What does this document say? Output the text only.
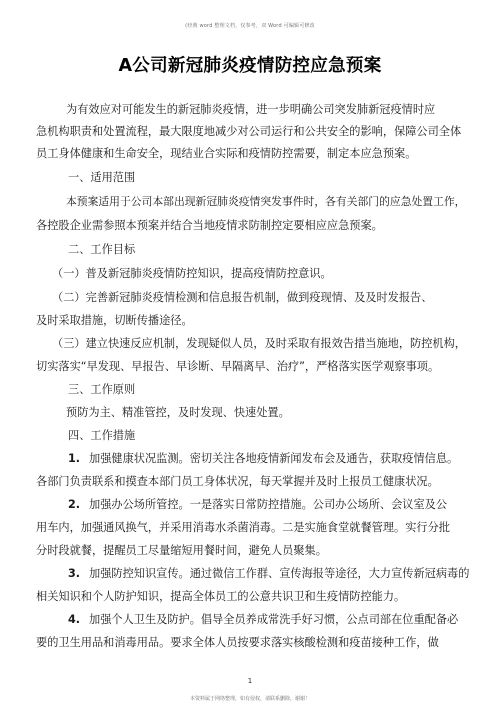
(经典 word 整理文档，仅参考，双 Word 可编辑可修改
A公司新冠肺炎疫情防控应急预案
为有效应对可能发生的新冠肺炎疫情，进一步明确公司突发肺新冠疫情时应
急机构职责和处置流程，最大限度地减少对公司运行和公共安全的影响，保障公司全体
员工身体健康和生命安全，现结业合实际和疫情防控需要，制定本应急预案。
一、适用范围
本预案适用于公司本部出现新冠肺炎疫情突发事件时，各有关部门的应急处置工作，
各控股企业需参照本预案并结合当地疫情求防制控定要相应应急预案。
二、工作目标
（一）普及新冠肺炎疫情防控知识，提高疫情防控意识。
（二）完善新冠肺炎疫情检测和信息报告机制，做到疫现情、及及时发报告、
及时采取措施，切断传播途径。
（三）建立快速反应机制，发现疑似人员，及时采取有报效告措当施地，防控机构，
切实落实“早发现、早报告、早诊断、早隔离早、治疗”，严格落实医学观察事项。
三、工作原则
预防为主、精准管控，及时发现、快速处置。
四、工作措施
1. 加强健康状况监测。密切关注各地疫情新闻发布会及通告，获取疫情信息。
各部门负责联系和摸查本部门员工身体状况，每天掌握并及时上报员工健康状况。
2. 加强办公场所管控。一是落实日常防控措施。公司办公场所、会议室及公
用车内，加强通风换气，并采用消毒水杀菌消毒。二是实施食堂就餐管理。实行分批
分时段就餐，提醒员工尽量缩短用餐时间，避免人员聚集。
3. 加强防控知识宣传。通过微信工作群、宣传海报等途径，大力宣传新冠病毒的
相关知识和个人防护知识，提高全体员工的公意共识卫和生疫情防控能力。
4. 加强个人卫生及防护。倡导全员养成常洗手好习惯，公点司部在位重配备必
要的卫生用品和消毒用品。要求全体人员按要求落实核酸检测和疫苗接种工作，做
1
本资料属于网络整理，如有侵权，请联系删除，谢谢！
